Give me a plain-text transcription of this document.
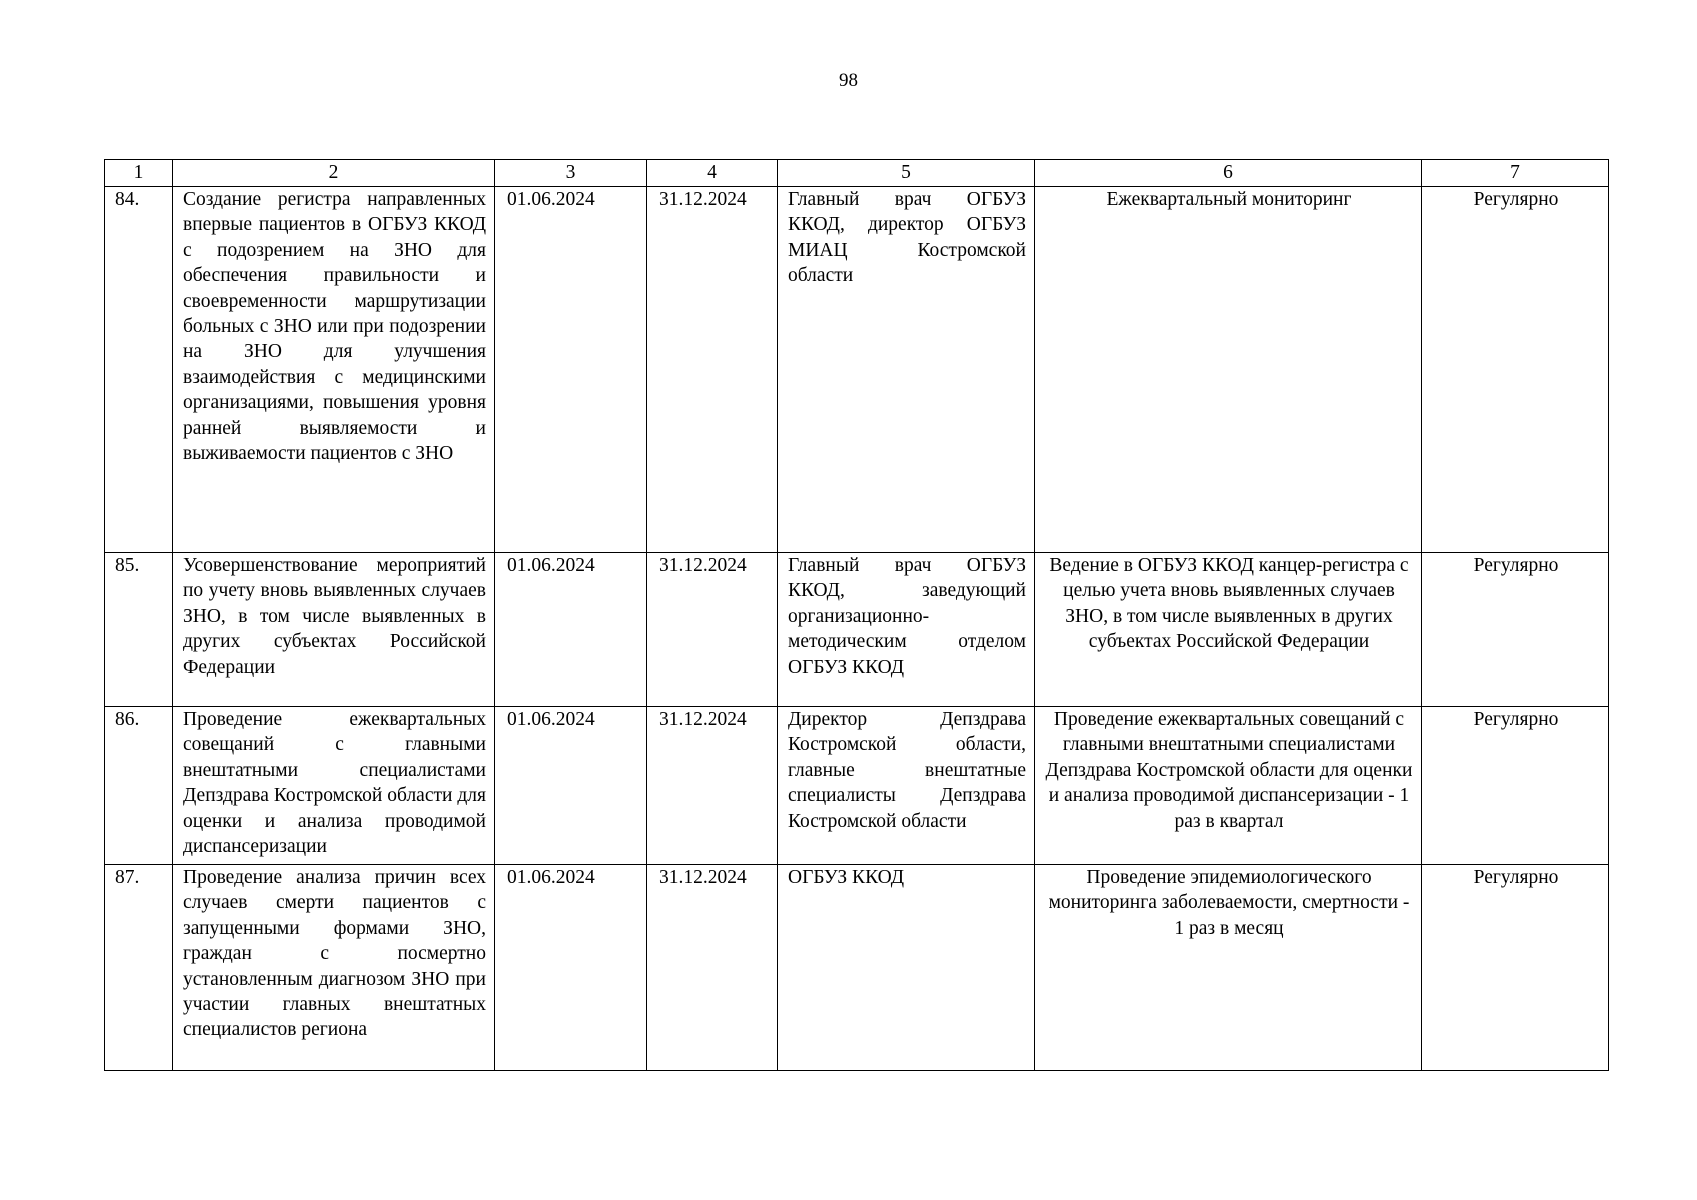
98
1	2	3	4	5	6	7
84.	Создание регистра направленных впервые пациентов в ОГБУЗ ККОД с подозрением на ЗНО для обеспечения правильности и своевременности маршрутизации больных с ЗНО или при подозрении на ЗНО для улучшения взаимодействия с медицинскими организациями, повышения уровня ранней выявляемости и выживаемости пациентов с ЗНО	01.06.2024	31.12.2024	Главный врач ОГБУЗ ККОД, директор ОГБУЗ МИАЦ Костромской области	Ежеквартальный мониторинг	Регулярно
85.	Усовершенствование мероприятий по учету вновь выявленных случаев ЗНО, в том числе выявленных в других субъектах Российской Федерации	01.06.2024	31.12.2024	Главный врач ОГБУЗ ККОД, заведующий организационно-методическим отделом ОГБУЗ ККОД	Ведение в ОГБУЗ ККОД канцер-регистра с целью учета вновь выявленных случаев ЗНО, в том числе выявленных в других субъектах Российской Федерации	Регулярно
86.	Проведение ежеквартальных совещаний с главными внештатными специалистами Депздрава Костромской области для оценки и анализа проводимой диспансеризации	01.06.2024	31.12.2024	Директор Депздрава Костромской области, главные внештатные специалисты Депздрава Костромской области	Проведение ежеквартальных совещаний с главными внештатными специалистами Депздрава Костромской области для оценки и анализа проводимой диспансеризации - 1 раз в квартал	Регулярно
87.	Проведение анализа причин всех случаев смерти пациентов с запущенными формами ЗНО, граждан с посмертно установленным диагнозом ЗНО при участии главных внештатных специалистов региона	01.06.2024	31.12.2024	ОГБУЗ ККОД	Проведение эпидемиологического мониторинга заболеваемости, смертности - 1 раз в месяц	Регулярно
